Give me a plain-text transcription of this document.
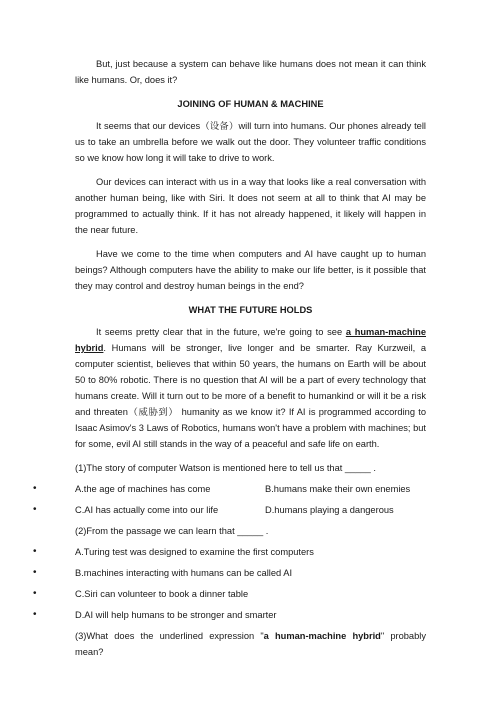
But, just because a system can behave like humans does not mean it can think like humans. Or, does it?

JOINING OF HUMAN & MACHINE

It seems that our devices（设备）will turn into humans. Our phones already tell us to take an umbrella before we walk out the door. They volunteer traffic conditions so we know how long it will take to drive to work.

Our devices can interact with us in a way that looks like a real conversation with another human being, like with Siri. It does not seem at all to think that AI may be programmed to actually think. If it has not already happened, it likely will happen in the near future.

Have we come to the time when computers and AI have caught up to human beings? Although computers have the ability to make our life better, is it possible that they may control and destroy human beings in the end?

WHAT THE FUTURE HOLDS

It seems pretty clear that in the future, we're going to see a human-machine hybrid. Humans will be stronger, live longer and be smarter. Ray Kurzweil, a computer scientist, believes that within 50 years, the humans on Earth will be about 50 to 80% robotic. There is no question that AI will be a part of every technology that humans create. Will it turn out to be more of a benefit to humankind or will it be a risk and threaten（威胁到） humanity as we know it? If AI is programmed according to Isaac Asimov's 3 Laws of Robotics, humans won't have a problem with machines; but for some, evil AI still stands in the way of a peaceful and safe life on earth.

(1)The story of computer Watson is mentioned here to tell us that _____ .

•	A.the age of machines has come	B.humans make their own enemies
•	C.AI has actually come into our life	D.humans playing a dangerous

(2)From the passage we can learn that _____ .

•	A.Turing test was designed to examine the first computers
•	B.machines interacting with humans can be called AI
•	C.Siri can volunteer to book a dinner table
•	D.AI will help humans to be stronger and smarter

(3)What does the underlined expression "a human-machine hybrid" probably mean?
